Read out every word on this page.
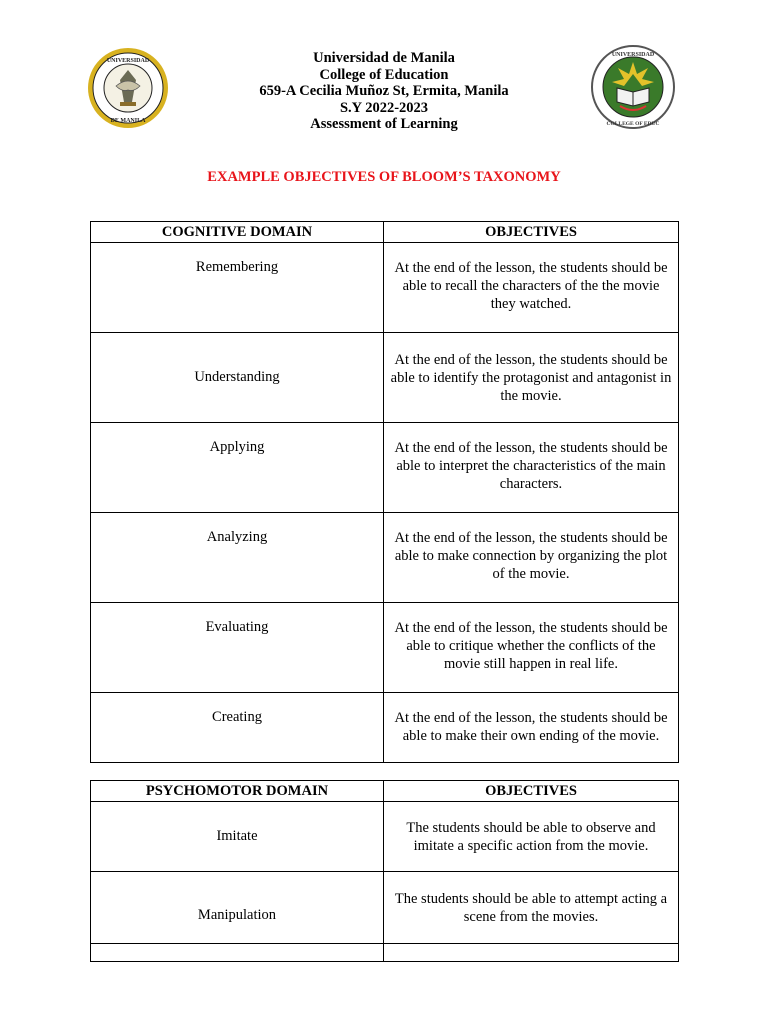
UNIVERSIDAD
DE MANILA
UNIVERSIDAD
COLLEGE OF EDUC
Universidad de Manila
College of Education
659-A Cecilia Muñoz St, Ermita, Manila
S.Y 2022-2023
Assessment of Learning
EXAMPLE OBJECTIVES OF BLOOM’S TAXONOMY
COGNITIVE DOMAIN	OBJECTIVES
Remembering	At the end of the lesson, the students should be able to recall the characters of the the movie they watched.
Understanding	At the end of the lesson, the students should be able to identify the protagonist and antagonist in the movie.
Applying	At the end of the lesson, the students should be able to interpret the characteristics of the main characters.
Analyzing	At the end of the lesson, the students should be able to make connection by organizing the plot of the movie.
Evaluating	At the end of the lesson, the students should be able to critique whether the conflicts of the movie still happen in real life.
Creating	At the end of the lesson, the students should be able to make their own ending of the movie.
PSYCHOMOTOR DOMAIN	OBJECTIVES
Imitate	The students should be able to observe and imitate a specific action from the movie.
Manipulation	The students should be able to attempt acting a scene from the movies.
